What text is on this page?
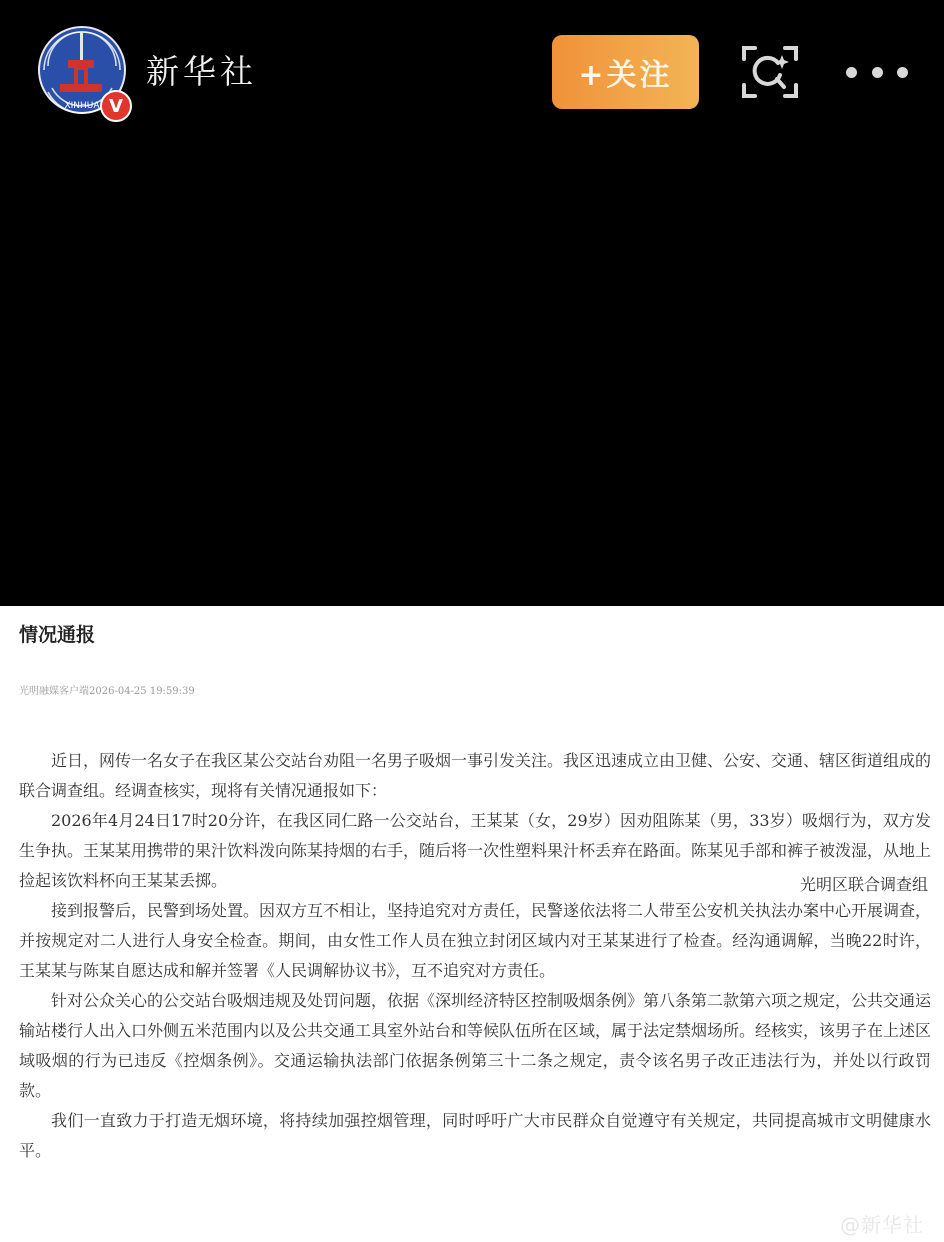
XINHUA V
新华社	+关注
情况通报
光明融媒客户端2026-04-25 19:59:39

近日，网传一名女子在我区某公交站台劝阻一名男子吸烟一事引发关注。我区迅速成立由卫健、公安、交通、辖区街道组成的联合调查组。经调查核实，现将有关情况通报如下：

2026年4月24日17时20分许，在我区同仁路一公交站台，王某某（女，29岁）因劝阻陈某（男，33岁）吸烟行为，双方发生争执。王某某用携带的果汁饮料泼向陈某持烟的右手，随后将一次性塑料果汁杯丢弃在路面。陈某见手部和裤子被泼湿，从地上捡起该饮料杯向王某某丢掷。

接到报警后，民警到场处置。因双方互不相让，坚持追究对方责任，民警遂依法将二人带至公安机关执法办案中心开展调查，并按规定对二人进行人身安全检查。期间，由女性工作人员在独立封闭区域内对王某某进行了检查。经沟通调解，当晚22时许，王某某与陈某自愿达成和解并签署《人民调解协议书》，互不追究对方责任。

针对公众关心的公交站台吸烟违规及处罚问题，依据《深圳经济特区控制吸烟条例》第八条第二款第六项之规定，公共交通运输站楼行人出入口外侧五米范围内以及公共交通工具室外站台和等候队伍所在区域，属于法定禁烟场所。经核实，该男子在上述区域吸烟的行为已违反《控烟条例》。交通运输执法部门依据条例第三十二条之规定，责令该名男子改正违法行为，并处以行政罚款。

我们一直致力于打造无烟环境，将持续加强控烟管理，同时呼吁广大市民群众自觉遵守有关规定，共同提高城市文明健康水平。

光明区联合调查组
@新华社
